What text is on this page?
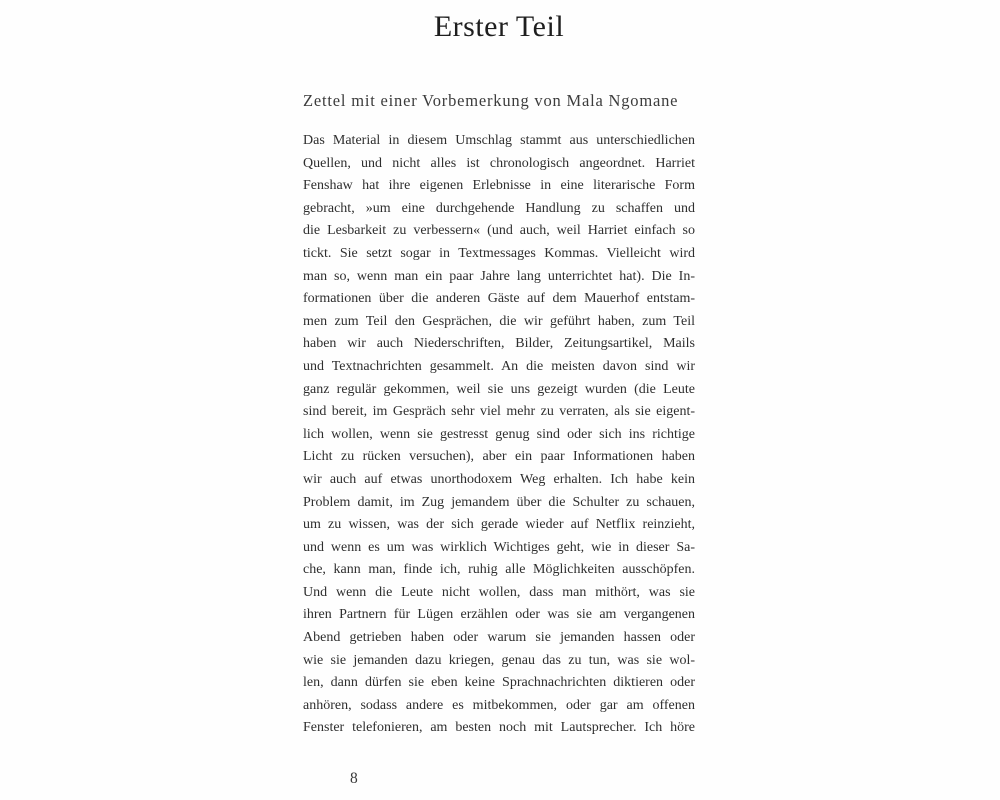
Erster Teil
Zettel mit einer Vorbemerkung von Mala Ngomane
Das Material in diesem Umschlag stammt aus unterschiedlichen
Quellen, und nicht alles ist chronologisch angeordnet. Harriet
Fenshaw hat ihre eigenen Erlebnisse in eine literarische Form
gebracht, »um eine durchgehende Handlung zu schaffen und
die Lesbarkeit zu verbessern« (und auch, weil Harriet einfach so
tickt. Sie setzt sogar in Textmessages Kommas. Vielleicht wird
man so, wenn man ein paar Jahre lang unterrichtet hat). Die In-
formationen über die anderen Gäste auf dem Mauerhof entstam-
men zum Teil den Gesprächen, die wir geführt haben, zum Teil
haben wir auch Niederschriften, Bilder, Zeitungsartikel, Mails
und Textnachrichten gesammelt. An die meisten davon sind wir
ganz regulär gekommen, weil sie uns gezeigt wurden (die Leute
sind bereit, im Gespräch sehr viel mehr zu verraten, als sie eigent-
lich wollen, wenn sie gestresst genug sind oder sich ins richtige
Licht zu rücken versuchen), aber ein paar Informationen haben
wir auch auf etwas unorthodoxem Weg erhalten. Ich habe kein
Problem damit, im Zug jemandem über die Schulter zu schauen,
um zu wissen, was der sich gerade wieder auf Netflix reinzieht,
und wenn es um was wirklich Wichtiges geht, wie in dieser Sa-
che, kann man, finde ich, ruhig alle Möglichkeiten ausschöpfen.
Und wenn die Leute nicht wollen, dass man mithört, was sie
ihren Partnern für Lügen erzählen oder was sie am vergangenen
Abend getrieben haben oder warum sie jemanden hassen oder
wie sie jemanden dazu kriegen, genau das zu tun, was sie wol-
len, dann dürfen sie eben keine Sprachnachrichten diktieren oder
anhören, sodass andere es mitbekommen, oder gar am offenen
Fenster telefonieren, am besten noch mit Lautsprecher. Ich höre
8
